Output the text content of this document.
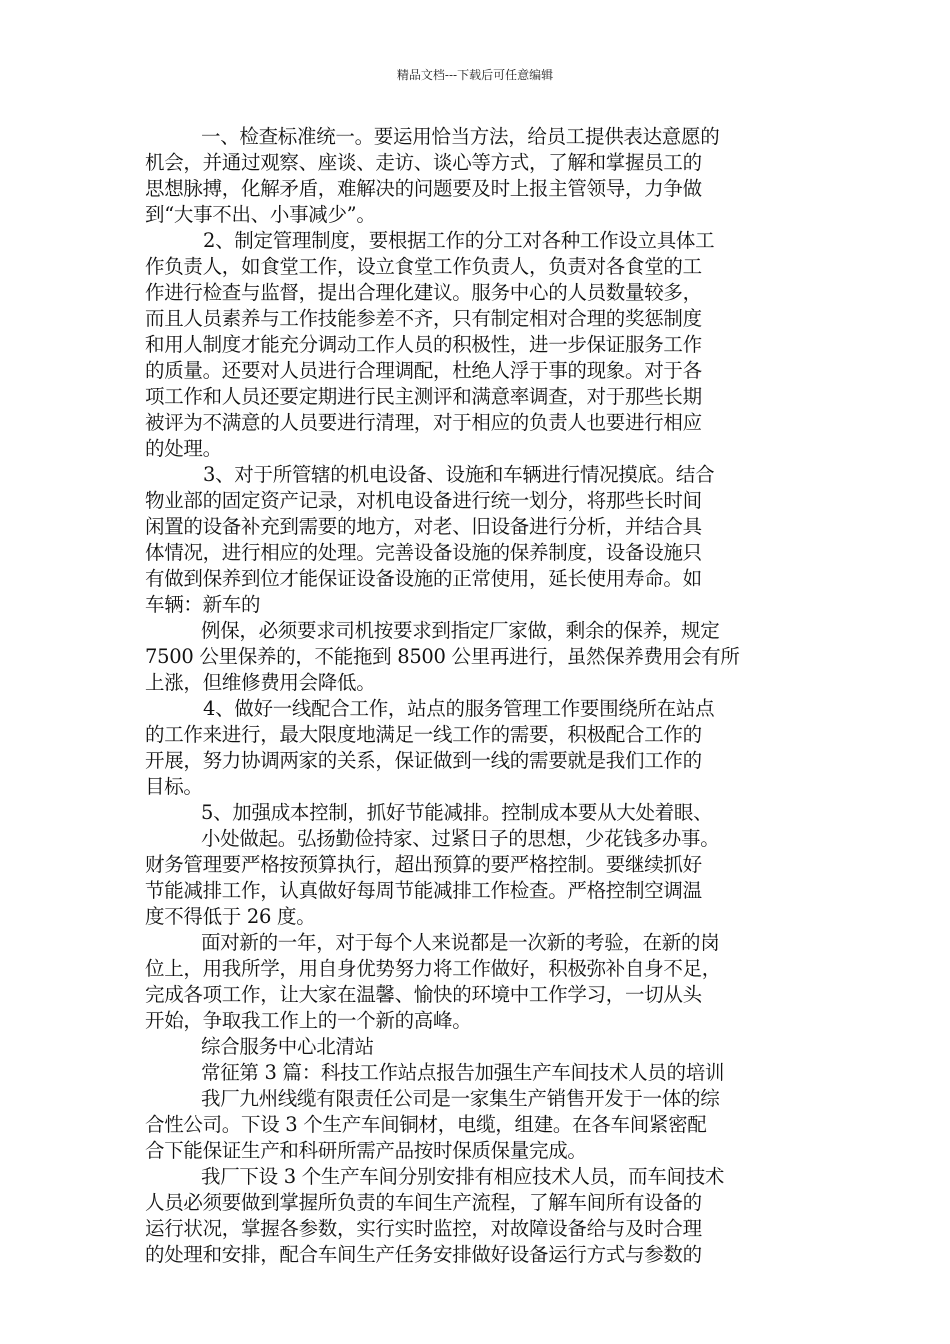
精品文档---下载后可任意编辑
一、检查标准统一。要运用恰当方法，给员工提供表达意愿的
机会，并通过观察、座谈、走访、谈心等方式，了解和掌握员工的
思想脉搏，化解矛盾，难解决的问题要及时上报主管领导，力争做
到“大事不出、小事减少”。
2、制定管理制度，要根据工作的分工对各种工作设立具体工
作负责人，如食堂工作，设立食堂工作负责人，负责对各食堂的工
作进行检查与监督，提出合理化建议。服务中心的人员数量较多，
而且人员素养与工作技能参差不齐，只有制定相对合理的奖惩制度
和用人制度才能充分调动工作人员的积极性，进一步保证服务工作
的质量。还要对人员进行合理调配，杜绝人浮于事的现象。对于各
项工作和人员还要定期进行民主测评和满意率调查，对于那些长期
被评为不满意的人员要进行清理，对于相应的负责人也要进行相应
的处理。
3、对于所管辖的机电设备、设施和车辆进行情况摸底。结合
物业部的固定资产记录，对机电设备进行统一划分，将那些长时间
闲置的设备补充到需要的地方，对老、旧设备进行分析，并结合具
体情况，进行相应的处理。完善设备设施的保养制度，设备设施只
有做到保养到位才能保证设备设施的正常使用，延长使用寿命。如
车辆：新车的
例保，必须要求司机按要求到指定厂家做，剩余的保养，规定
7500 公里保养的，不能拖到 8500 公里再进行，虽然保养费用会有所
上涨，但维修费用会降低。
4、做好一线配合工作，站点的服务管理工作要围绕所在站点
的工作来进行，最大限度地满足一线工作的需要，积极配合工作的
开展，努力协调两家的关系，保证做到一线的需要就是我们工作的
目标。
5、加强成本控制，抓好节能减排。控制成本要从大处着眼、
小处做起。弘扬勤俭持家、过紧日子的思想，少花钱多办事。
财务管理要严格按预算执行，超出预算的要严格控制。要继续抓好
节能减排工作，认真做好每周节能减排工作检查。严格控制空调温
度不得低于 26 度。
面对新的一年，对于每个人来说都是一次新的考验，在新的岗
位上，用我所学，用自身优势努力将工作做好，积极弥补自身不足，
完成各项工作，让大家在温馨、愉快的环境中工作学习，一切从头
开始，争取我工作上的一个新的高峰。
综合服务中心北清站
常征第 3 篇：科技工作站点报告加强生产车间技术人员的培训
我厂九州线缆有限责任公司是一家集生产销售开发于一体的综
合性公司。下设 3 个生产车间铜材，电缆，组建。在各车间紧密配
合下能保证生产和科研所需产品按时保质保量完成。
我厂下设 3 个生产车间分别安排有相应技术人员，而车间技术
人员必须要做到掌握所负责的车间生产流程，了解车间所有设备的
运行状况，掌握各参数，实行实时监控，对故障设备给与及时合理
的处理和安排，配合车间生产任务安排做好设备运行方式与参数的
